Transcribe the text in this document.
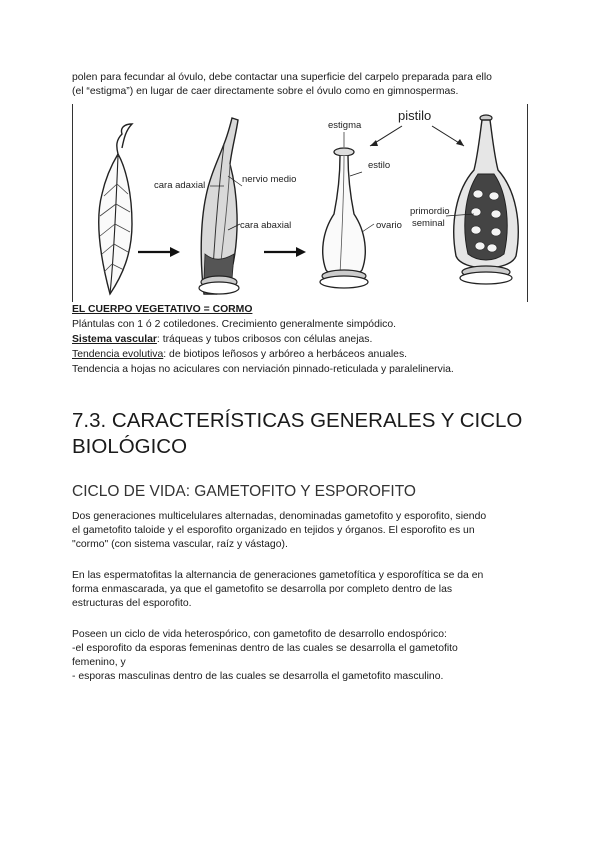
polen para fecundar al óvulo, debe contactar una superficie del carpelo preparada para ello
(el “estigma”) en lugar de caer directamente sobre el óvulo como en gimnospermas.

cara adaxial
nervio medio
cara abaxial
estigma
estilo
ovario
pistilo
primordio
seminal
EL CUERPO VEGETATIVO = CORMO
Plántulas con 1 ó 2 cotiledones. Crecimiento generalmente simpódico.
Sistema vascular: tráqueas y tubos cribosos con células anejas.
Tendencia evolutiva: de biotipos leñosos y arbóreo a herbáceos anuales.
Tendencia a hojas no aciculares con nerviación pinnado-reticulada y paralelinervia.
7.3. CARACTERÍSTICAS GENERALES Y CICLO BIOLÓGICO
CICLO DE VIDA: GAMETOFITO Y ESPOROFITO

Dos generaciones multicelulares alternadas, denominadas gametofito y esporofito, siendo
el gametofito taloide y el esporofito organizado en tejidos y órganos. El esporofito es un
"cormo" (con sistema vascular, raíz y vástago).

En las espermatofitas la alternancia de generaciones gametofítica y esporofítica se da en
forma enmascarada, ya que el gametofito se desarrolla por completo dentro de las
estructuras del esporofito.

Poseen un ciclo de vida heterospórico, con gametofito de desarrollo endospórico:
-el esporofito da esporas femeninas dentro de las cuales se desarrolla el gametofito
femenino, y
- esporas masculinas dentro de las cuales se desarrolla el gametofito masculino.
